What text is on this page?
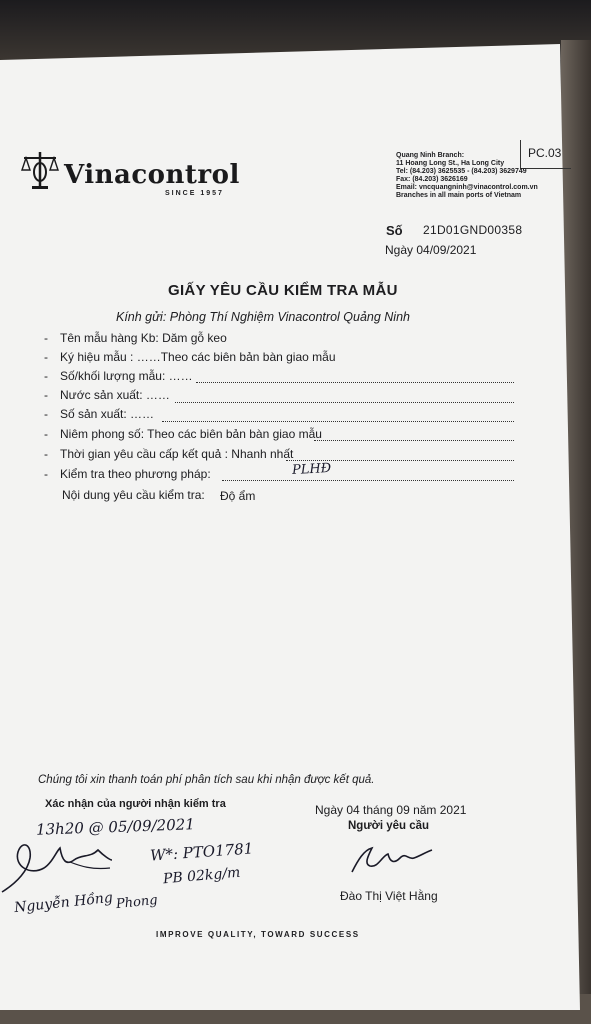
Vinacontrol
SINCE 1957
PC.03
Quang Ninh Branch:
11 Hoang Long St., Ha Long City
Tel: (84.203) 3625535 - (84.203) 3629749
Fax: (84.203) 3626169
Email: vncquangninh@vinacontrol.com.vn
Branches in all main ports of Vietnam
Số 21D01GND00358
Ngày 04/09/2021
GIẤY YÊU CẦU KIỂM TRA MẪU
Kính gửi: Phòng Thí Nghiệm Vinacontrol Quảng Ninh
- Tên mẫu hàng Kb: Dăm gỗ keo
- Ký hiệu mẫu : ……Theo các biên bản bàn giao mẫu
- Số/khối lượng mẫu: ……
- Nước sản xuất: ……
- Số sản xuất: ……
- Niêm phong số: Theo các biên bản bàn giao mẫu
- Thời gian yêu cầu cấp kết quả : Nhanh nhất
- Kiểm tra theo phương pháp:	PLHĐ
Nội dung yêu cầu kiểm tra: Độ ẩm
Chúng tôi xin thanh toán phí phân tích sau khi nhận được kết quả.
Xác nhận của người nhận kiểm tra	Ngày 04 tháng 09 năm 2021
Người yêu cầu
Đào Thị Việt Hằng
13h20 @ 05/09/2021
W*: PTO1781
PB 02kg/m
Nguyễn Hồng Phong
IMPROVE QUALITY, TOWARD SUCCESS
